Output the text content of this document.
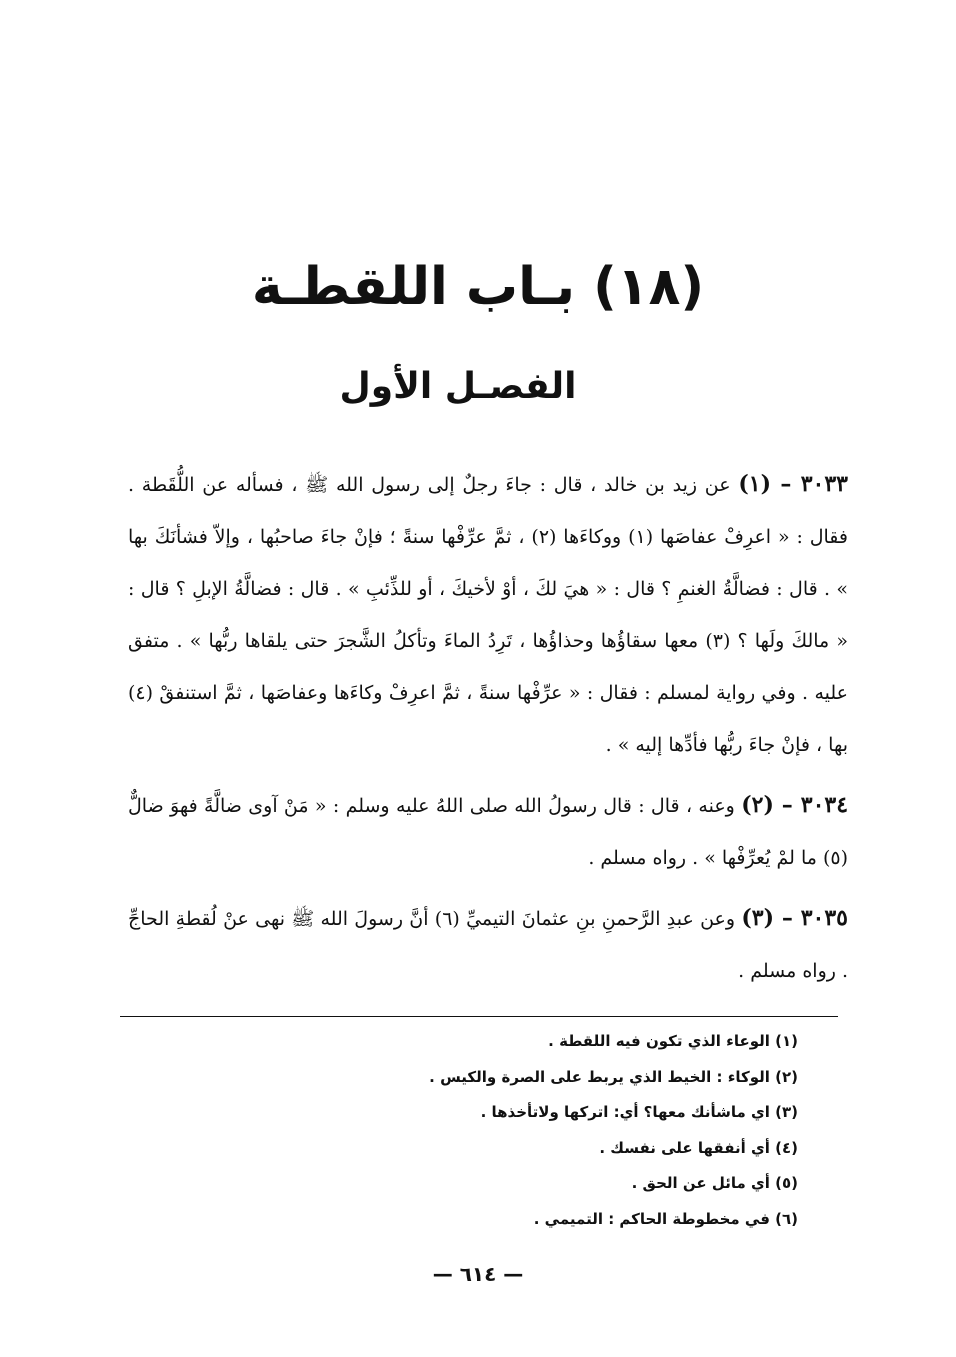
(١٨) بـاب اللقطـة
الفصـل الأول

٣٠٣٣ – (١) عن زيد بن خالد ، قال : جاءَ رجلٌ إلى رسول الله ﷺ ، فسأله عن اللُّقَطة . فقال : « اعرِفْ عفاصَها (١) ووكاءَها (٢) ، ثمَّ عرِّفْها سنةً ؛ فإنْ جاءَ صاحبُها ، وإلاّ فشأنَكَ بها » . قال : فضالَّةُ الغنمِ ؟ قال : « هيَ لكَ ، أوْ لأخيكَ ، أو للذِّئبِ » . قال : فضالَّةُ الإبلِ ؟ قال : « مالكَ ولَها ؟ (٣) معها سقاؤُها وحذاؤُها ، تَرِدُ الماءَ وتأكلُ الشَّجرَ حتى يلقاها ربُّها » . متفق عليه . وفي رواية لمسلم : فقال : « عرِّفْها سنةً ، ثمَّ اعرِفْ وكاءَها وعفاصَها ، ثمَّ استنفقْ (٤) بها ، فإنْ جاءَ ربُّها فأدِّها إليه » .

٣٠٣٤ – (٢) وعنه ، قال : قال رسولُ الله صلى اللهُ عليه وسلم : « مَنْ آوى ضالَّةً فهوَ ضالٌّ (٥) ما لمْ يُعرِّفْها » . رواه مسلم .

٣٠٣٥ – (٣) وعن عبدِ الرَّحمنِ بنِ عثمانَ التيميِّ (٦) أنَّ رسولَ الله ﷺ نهى عنْ لُقطةِ الحاجِّ . رواه مسلم .

(١) الوعاء الذي تكون فيه اللقطة .
(٢) الوكاء : الخيط الذي يربط على الصرة والكيس .
(٣) اي ماشأنك معها؟ أي: اتركها ولاتأخذها .
(٤) أي أنفقها على نفسك .
(٥) أي مائل عن الحق .
(٦) في مخطوطة الحاكم : التميمي .
— ٦١٤ —
